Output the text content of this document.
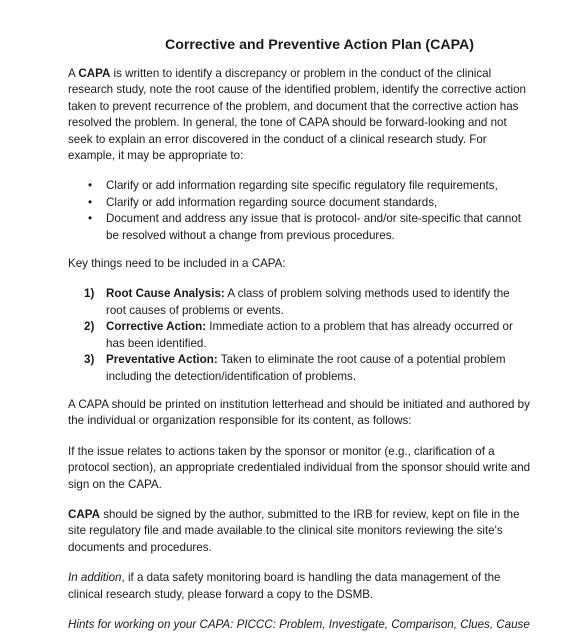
Corrective and Preventive Action Plan (CAPA)

A CAPA is written to identify a discrepancy or problem in the conduct of the clinical research study, note the root cause of the identified problem, identify the corrective action taken to prevent recurrence of the problem, and document that the corrective action has resolved the problem. In general, the tone of CAPA should be forward-looking and not seek to explain an error discovered in the conduct of a clinical research study. For example, it may be appropriate to:

• Clarify or add information regarding site specific regulatory file requirements,
• Clarify or add information regarding source document standards,
• Document and address any issue that is protocol- and/or site-specific that cannot be resolved without a change from previous procedures.

Key things need to be included in a CAPA:

1) Root Cause Analysis: A class of problem solving methods used to identify the root causes of problems or events.
2) Corrective Action: Immediate action to a problem that has already occurred or has been identified.
3) Preventative Action: Taken to eliminate the root cause of a potential problem including the detection/identification of problems.

A CAPA should be printed on institution letterhead and should be initiated and authored by the individual or organization responsible for its content, as follows:

If the issue relates to actions taken by the sponsor or monitor (e.g., clarification of a protocol section), an appropriate credentialed individual from the sponsor should write and sign on the CAPA.

CAPA should be signed by the author, submitted to the IRB for review, kept on file in the site regulatory file and made available to the clinical site monitors reviewing the site's documents and procedures.

In addition, if a data safety monitoring board is handling the data management of the clinical research study, please forward a copy to the DSMB.

Hints for working on your CAPA: PICCC: Problem, Investigate, Comparison, Clues, Cause
